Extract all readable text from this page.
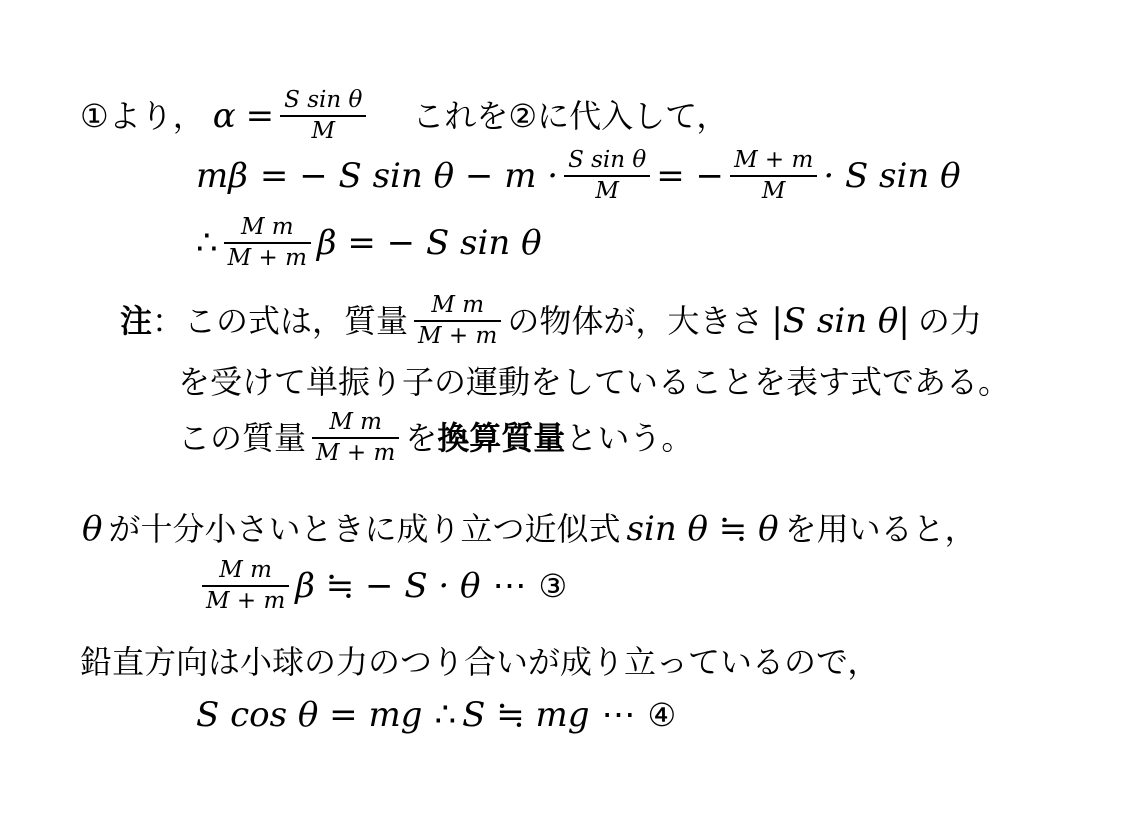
①より， $\alpha = \frac{\text{S sin θ}}{M}$ これを②に代入して，
mβ = − S $\sin \theta - m \cdot \frac{\text{S sin θ}}{M}$ = − $\frac{M + m}{M} \cdot S$ sin θ
∴ $\frac{\text{M m}}{M + m}$ β = − S sin θ
注 ： この式は，質量 $\frac{\text{M m}}{M + m}$ の物体が，大きさ |S sin θ| の力
を受けて単振り子の運動をしていることを表す式である。
この質量 $\frac{\text{M m}}{M + m}$ を 換算質量 という。
θ が十分小さいときに成り立つ近似式 sin θ ≒ θ を用いると，
$\frac{\text{M m}}{M + m}$ β ≒ − S · θ ⋯ ③
鉛直方向は小球の力のつり合いが成り立っているので，
S cos θ = mg ∴ S ≒ mg ⋯ ④
